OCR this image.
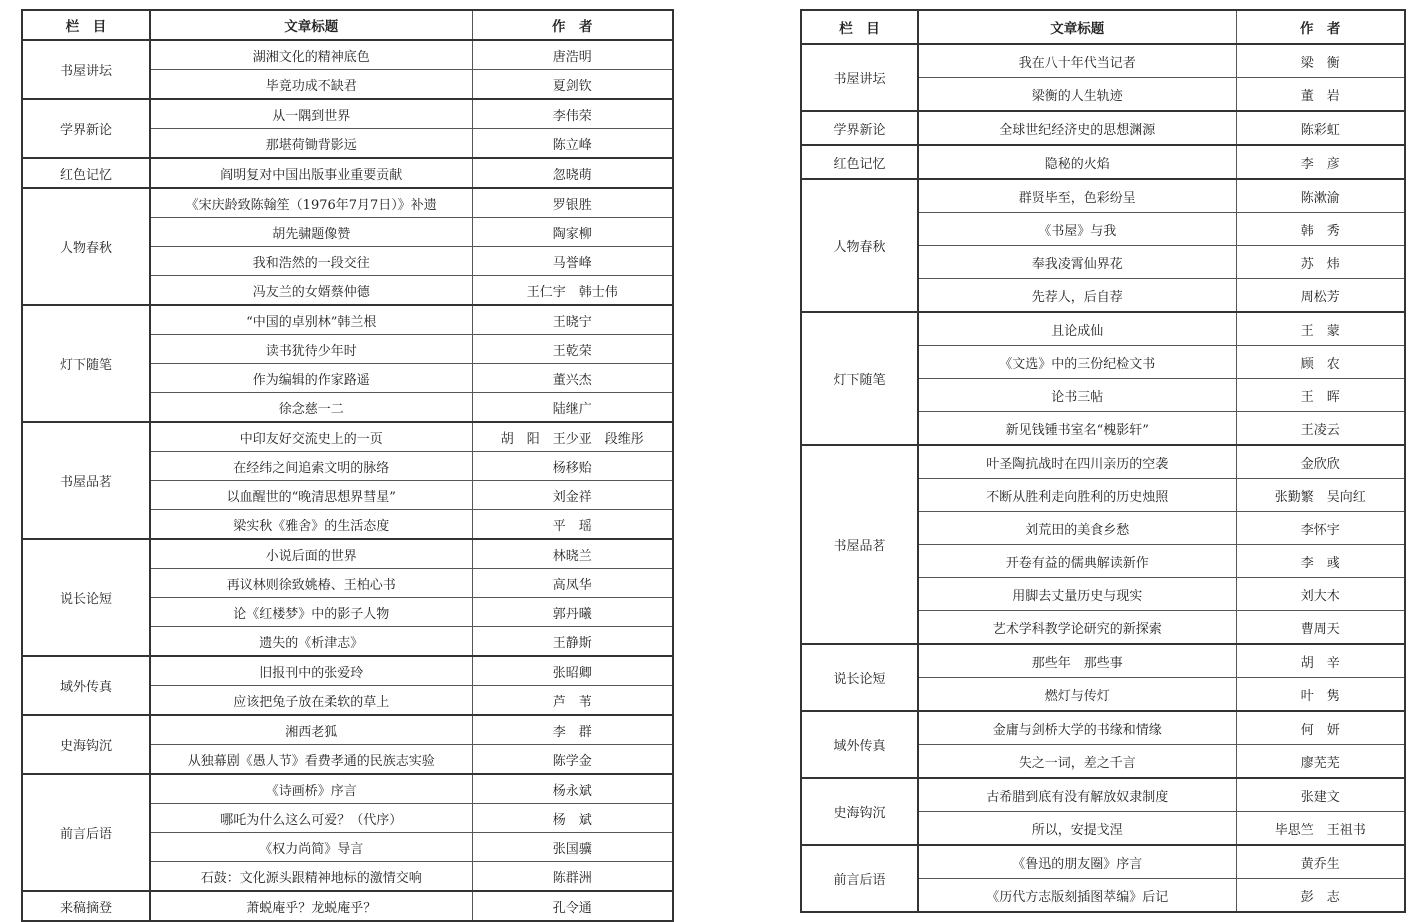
栏　目	文章标题	作　者
书屋讲坛	湖湘文化的精神底色	唐浩明
	毕竟功成不缺君	夏剑钦
学界新论	从一隅到世界	李伟荣
	那堪荷锄背影远	陈立峰
红色记忆	阎明复对中国出版事业重要贡献	忽晓萌
人物春秋	《宋庆龄致陈翰笙（1976年7月7日）》补遗	罗银胜
	胡先骕题像赞	陶家柳
	我和浩然的一段交往	马誉峰
	冯友兰的女婿蔡仲德	王仁宇　韩士伟
灯下随笔	“中国的卓别林”韩兰根	王晓宁
	读书犹待少年时	王乾荣
	作为编辑的作家路遥	董兴杰
	徐念慈一二	陆继广
书屋品茗	中印友好交流史上的一页	胡　阳　王少亚　段维彤
	在经纬之间追索文明的脉络	杨移贻
	以血醒世的“晚清思想界彗星”	刘金祥
	梁实秋《雅舍》的生活态度	平　瑶
说长论短	小说后面的世界	林晓兰
	再议林则徐致姚椿、王柏心书	高凤华
	论《红楼梦》中的影子人物	郭丹曦
	遗失的《析津志》	王静斯
域外传真	旧报刊中的张爱玲	张昭卿
	应该把兔子放在柔软的草上	芦　苇
史海钩沉	湘西老狐	李　群
	从独幕剧《愚人节》看费孝通的民族志实验	陈学金
前言后语	《诗画桥》序言	杨永斌
	哪吒为什么这么可爱？（代序）	杨　斌
	《权力尚简》导言	张国骥
	石鼓：文化源头跟精神地标的激情交响	陈群洲
来稿摘登	萧蜕庵乎？龙蜕庵乎？	孔令通
栏　目	文章标题	作　者
书屋讲坛	我在八十年代当记者	梁　衡
	梁衡的人生轨迹	董　岩
学界新论	全球世纪经济史的思想渊源	陈彩虹
红色记忆	隐秘的火焰	李　彦
人物春秋	群贤毕至，色彩纷呈	陈漱渝
	《书屋》与我	韩　秀
	奉我凌霄仙界花	苏　炜
	先荐人，后自荐	周松芳
灯下随笔	且论成仙	王　蒙
	《文选》中的三份纪检文书	顾　农
	论书三帖	王　晖
	新见钱锺书室名“槐影轩”	王凌云
书屋品茗	叶圣陶抗战时在四川亲历的空袭	金欣欣
	不断从胜利走向胜利的历史烛照	张勤繁　吴向红
	刘荒田的美食乡愁	李怀宇
	开卷有益的儒典解读新作	李　彧
	用脚去丈量历史与现实	刘大木
	艺术学科教学论研究的新探索	曹周天
说长论短	那些年　那些事	胡　辛
	燃灯与传灯	叶　隽
域外传真	金庸与剑桥大学的书缘和情缘	何　妍
	失之一词，差之千言	廖芜芜
史海钩沉	古希腊到底有没有解放奴隶制度	张建文
	所以，安提戈涅	毕思竺　王祖书
前言后语	《鲁迅的朋友圈》序言	黄乔生
	《历代方志版刻插图萃编》后记	彭　志
